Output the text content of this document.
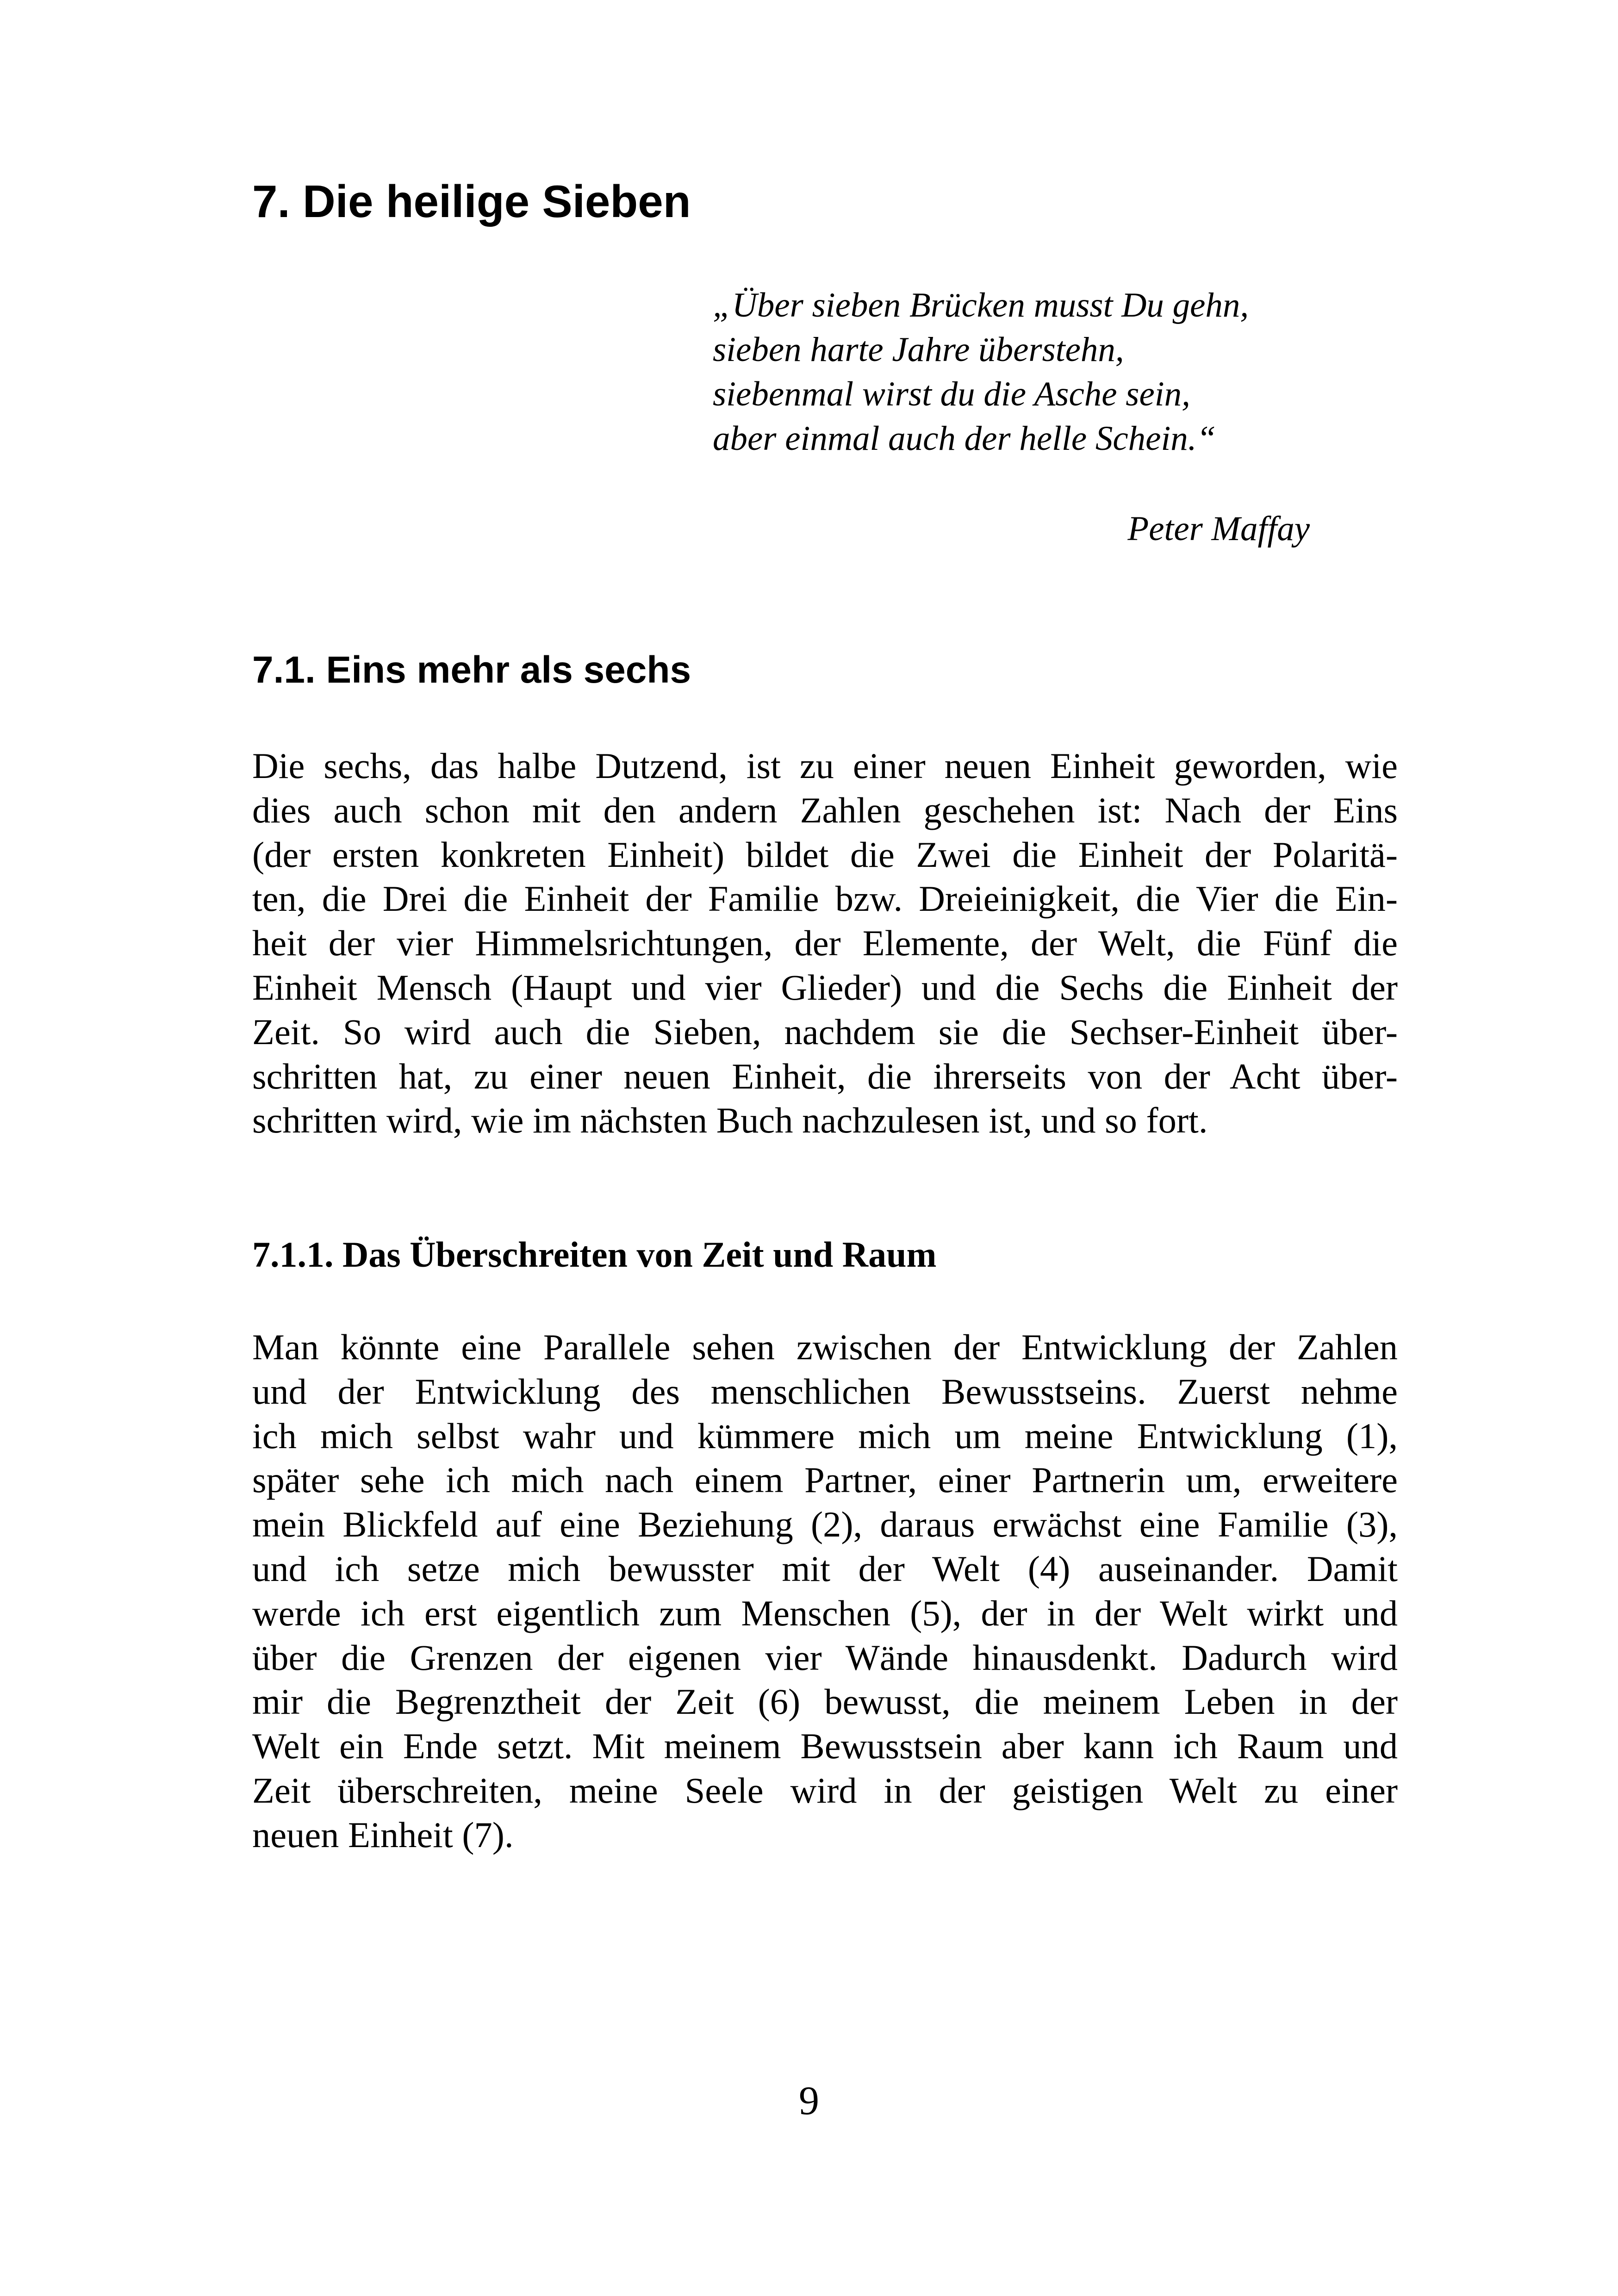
7. Die heilige Sieben
„Über sieben Brücken musst Du gehn,
sieben harte Jahre überstehn,
siebenmal wirst du die Asche sein,
aber einmal auch der helle Schein.“
Peter Maffay
7.1. Eins mehr als sechs
Die sechs, das halbe Dutzend, ist zu einer neuen Einheit geworden, wie
dies auch schon mit den andern Zahlen geschehen ist: Nach der Eins
(der ersten konkreten Einheit) bildet die Zwei die Einheit der Polaritä-
ten, die Drei die Einheit der Familie bzw. Dreieinigkeit, die Vier die Ein-
heit der vier Himmelsrichtungen, der Elemente, der Welt, die Fünf die
Einheit Mensch (Haupt und vier Glieder) und die Sechs die Einheit der
Zeit. So wird auch die Sieben, nachdem sie die Sechser-Einheit über-
schritten hat, zu einer neuen Einheit, die ihrerseits von der Acht über-
schritten wird, wie im nächsten Buch nachzulesen ist, und so fort.
7.1.1. Das Überschreiten von Zeit und Raum
Man könnte eine Parallele sehen zwischen der Entwicklung der Zahlen
und der Entwicklung des menschlichen Bewusstseins. Zuerst nehme
ich mich selbst wahr und kümmere mich um meine Entwicklung (1),
später sehe ich mich nach einem Partner, einer Partnerin um, erweitere
mein Blickfeld auf eine Beziehung (2), daraus erwächst eine Familie (3),
und ich setze mich bewusster mit der Welt (4) auseinander. Damit
werde ich erst eigentlich zum Menschen (5), der in der Welt wirkt und
über die Grenzen der eigenen vier Wände hinausdenkt. Dadurch wird
mir die Begrenztheit der Zeit (6) bewusst, die meinem Leben in der
Welt ein Ende setzt. Mit meinem Bewusstsein aber kann ich Raum und
Zeit überschreiten, meine Seele wird in der geistigen Welt zu einer
neuen Einheit (7).
9
